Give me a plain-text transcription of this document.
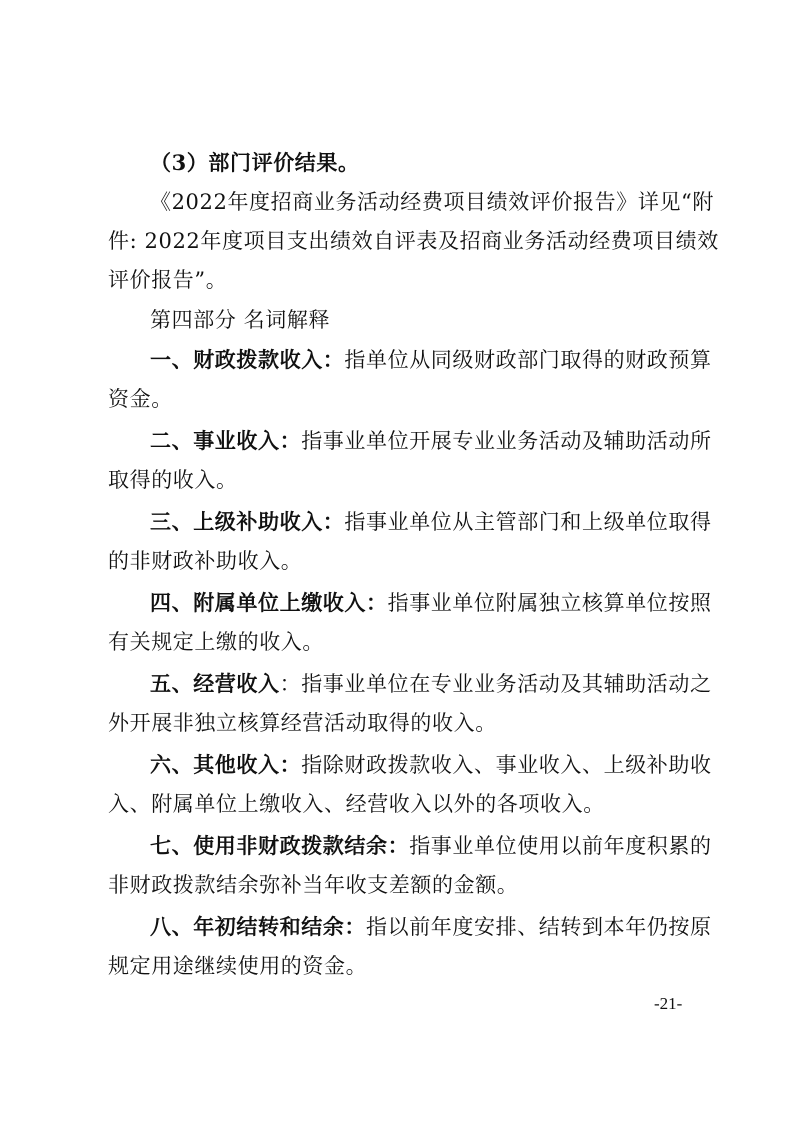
（3）部门评价结果。
《2022年度招商业务活动经费项目绩效评价报告》详见“附
件: 2022年度项目支出绩效自评表及招商业务活动经费项目绩效
评价报告”。
第四部分 名词解释
一、财政拨款收入：指单位从同级财政部门取得的财政预算
资金。
二、事业收入：指事业单位开展专业业务活动及辅助活动所
取得的收入。
三、上级补助收入：指事业单位从主管部门和上级单位取得
的非财政补助收入。
四、附属单位上缴收入：指事业单位附属独立核算单位按照
有关规定上缴的收入。
五、经营收入：指事业单位在专业业务活动及其辅助活动之
外开展非独立核算经营活动取得的收入。
六、其他收入：指除财政拨款收入、事业收入、上级补助收
入、附属单位上缴收入、经营收入以外的各项收入。
七、使用非财政拨款结余：指事业单位使用以前年度积累的
非财政拨款结余弥补当年收支差额的金额。
八、年初结转和结余：指以前年度安排、结转到本年仍按原
规定用途继续使用的资金。
-21-
